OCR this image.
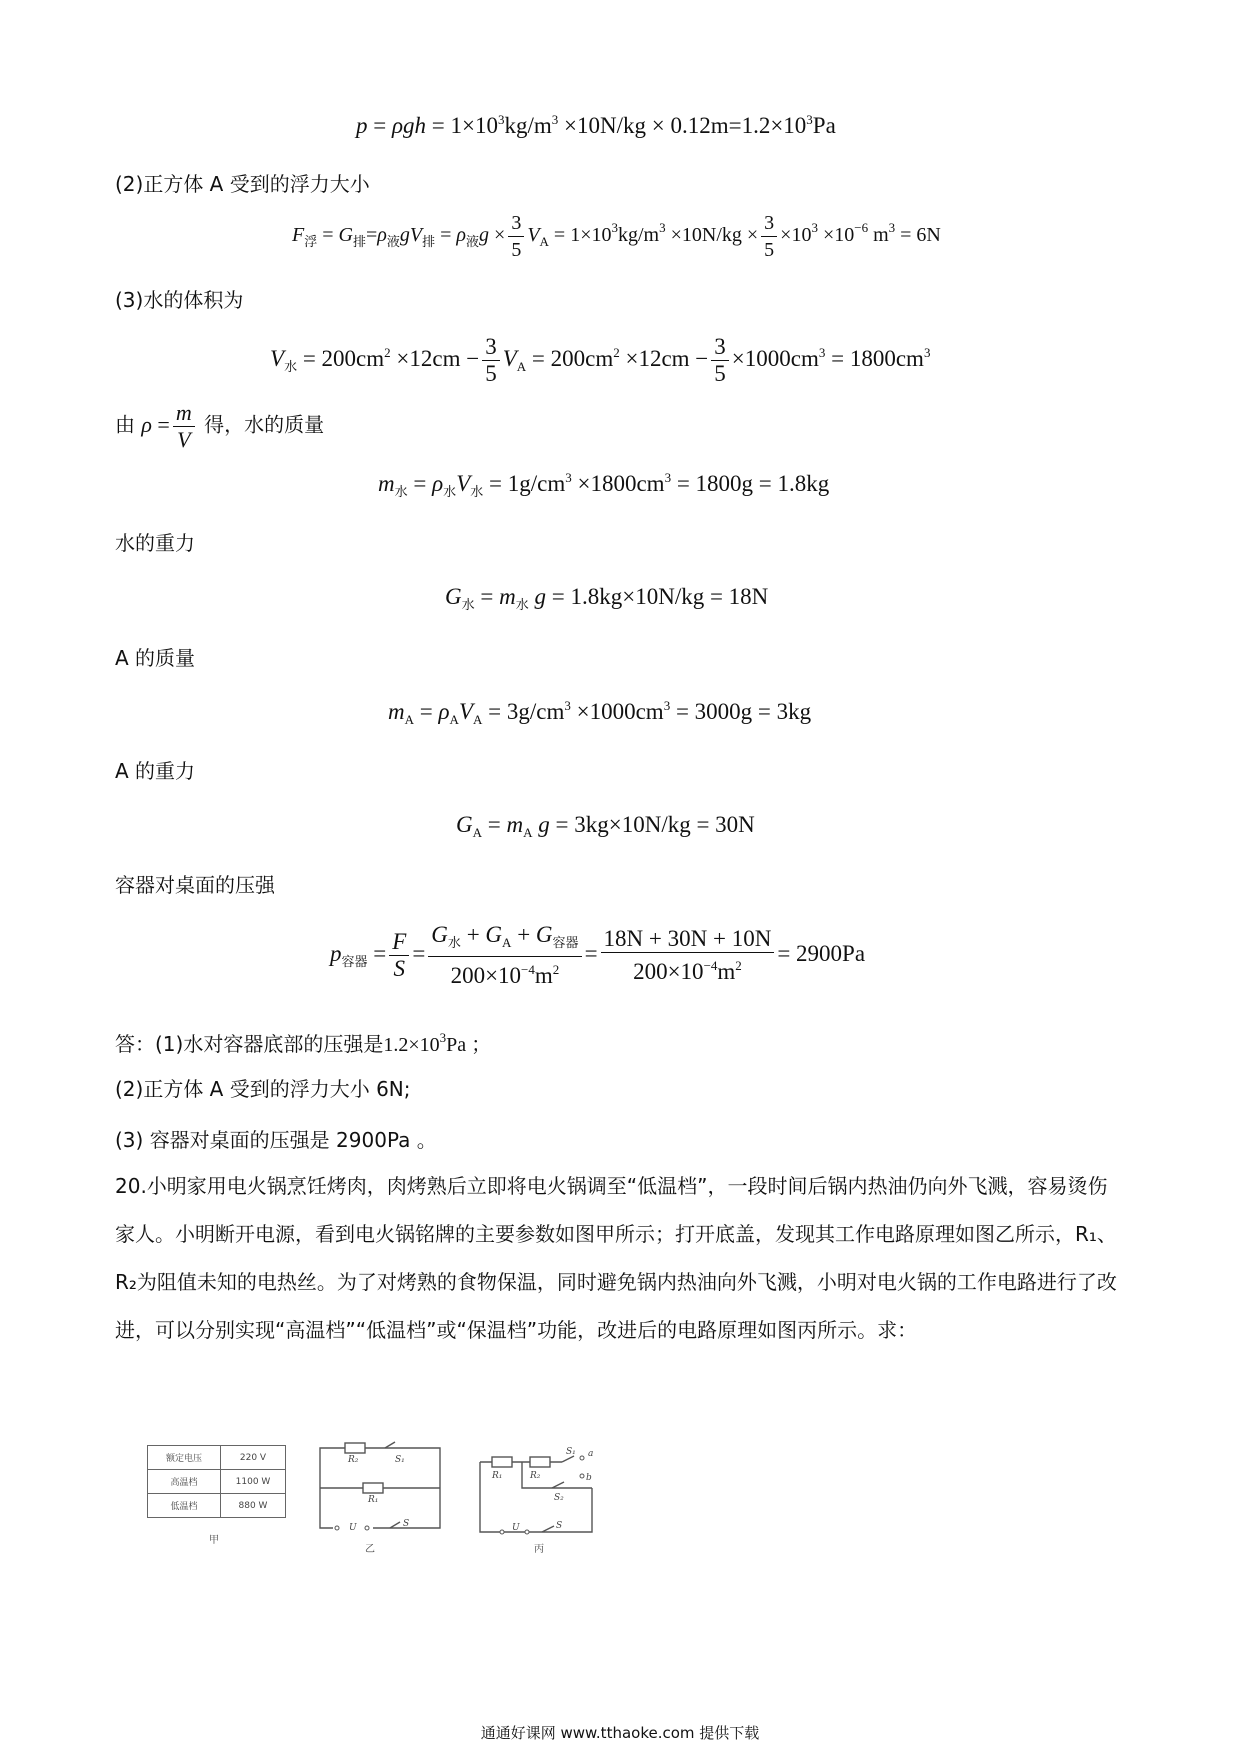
$p = \rho gh = 1\times 10^3kg/m^3 \times 10N/kg \times 0.12m=1.2\times 10^3Pa$
(2)正方体 A 受到的浮力大小
$F_浮 = G_排=\rho_液gV_排 = \rho_液g \times \frac{3}{5} V_A = 1\times 10^3kg/m^3 \times 10N/kg \times \frac{3}{5} \times 10^3 \times 10^{-6}$ $m^3 = 6N$
(3)水的体积为
$V_水 = 200cm^2 \times 12cm - \frac{3}{5} V_A = 200cm^2 \times 12cm - \frac{3}{5} \times 1000cm^3 = 1800cm^3$
由 $\rho = \frac{m}{V}$ 得，水的质量
$m_水 = \rho_水V_水 = 1g/cm^3 \times 1800cm^3 = 1800g = 1.8kg$
水的重力
$G_水 = m_水$ g = 1.8kg×10N/kg = 18N
A 的质量
$m_A = \rho_AV_A = 3g/cm^3 \times 1000cm^3 = 3000g = 3kg$
A 的重力
$G_A = m_A$ g = 3kg×10N/kg = 30N
容器对桌面的压强
$p_{容器} = \frac{F}{S} = \frac{G_水 + G_A + G_{容器}}{200\times 10^{-4}m^2} = \frac{18N + 30N + 10N}{200\times 10^{-4}m^2} = 2900Pa$
答：(1)水对容器底部的压强是$1.2\times 10^3Pa$ ；
(2)正方体 A 受到的浮力大小 6N;
(3) 容器对桌面的压强是 2900Pa 。
20.小明家用电火锅烹饪烤肉，肉烤熟后立即将电火锅调至“低温档”，一段时间后锅内热油仍向外飞溅，容易烫伤家人。小明断开电源，看到电火锅铭牌的主要参数如图甲所示；打开底盖，发现其工作电路原理如图乙所示，R₁、R₂为阻值未知的电热丝。为了对烤熟的食物保温，同时避免锅内热油向外飞溅，小明对电火锅的工作电路进行了改进，可以分别实现“高温档”“低温档”或“保温档”功能，改进后的电路原理如图丙所示。求：
额定电压	220 V
高温档	1100 W
低温档	880 W
甲
R₂	S₁
R₁
U	S
乙
R₁	R₂
S₁ a
b
S₂
U	S
丙
通通好课网 www.tthaoke.com 提供下载
